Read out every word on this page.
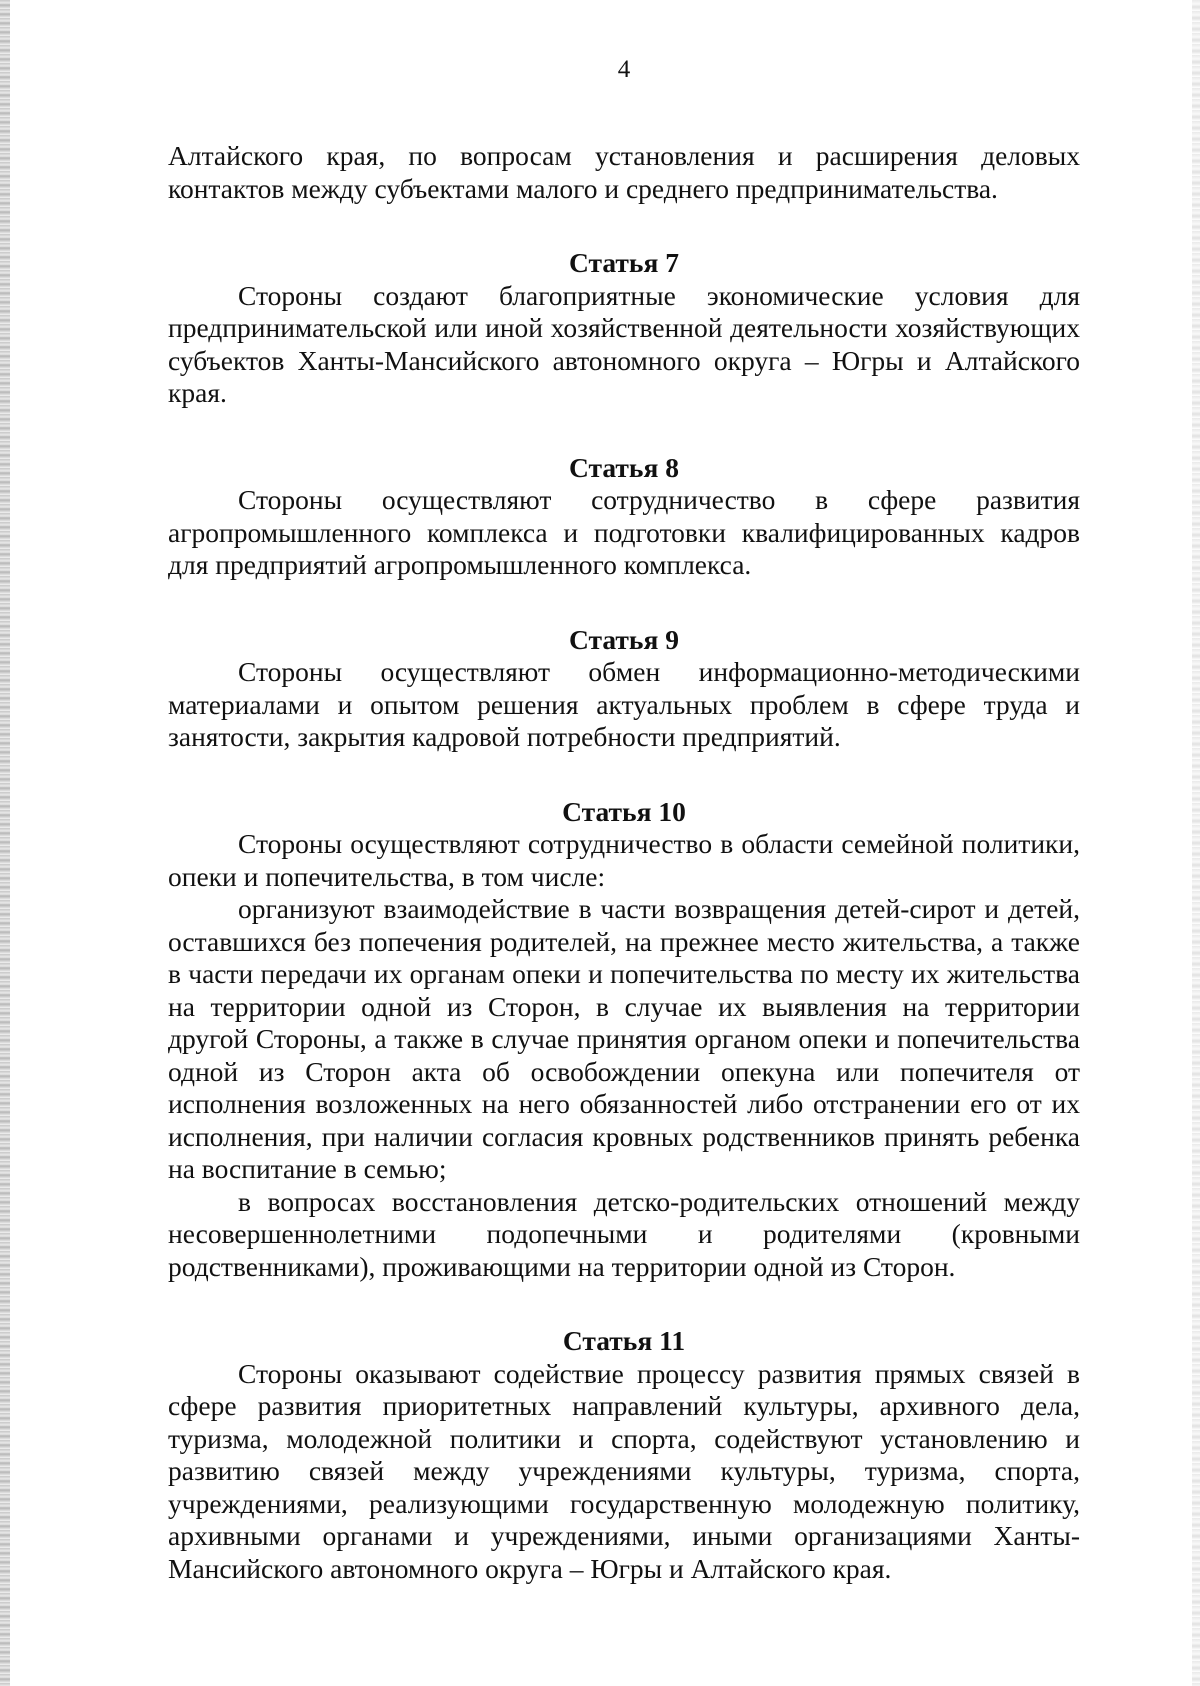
4

Алтайского края, по вопросам установления и расширения деловых контактов между субъектами малого и среднего предпринимательства.

Статья 7

Стороны создают благоприятные экономические условия для предпринимательской или иной хозяйственной деятельности хозяйствующих субъектов Ханты-Мансийского автономного округа – Югры и Алтайского края.

Статья 8

Стороны осуществляют сотрудничество в сфере развития агропромышленного комплекса и подготовки квалифицированных кадров для предприятий агропромышленного комплекса.

Статья 9

Стороны осуществляют обмен информационно-методическими материалами и опытом решения актуальных проблем в сфере труда и занятости, закрытия кадровой потребности предприятий.

Статья 10

Стороны осуществляют сотрудничество в области семейной политики, опеки и попечительства, в том числе:

организуют взаимодействие в части возвращения детей-сирот и детей, оставшихся без попечения родителей, на прежнее место жительства, а также в части передачи их органам опеки и попечительства по месту их жительства на территории одной из Сторон, в случае их выявления на территории другой Стороны, а также в случае принятия органом опеки и попечительства одной из Сторон акта об освобождении опекуна или попечителя от исполнения возложенных на него обязанностей либо отстранении его от их исполнения, при наличии согласия кровных родственников принять ребенка на воспитание в семью;

в вопросах восстановления детско-родительских отношений между несовершеннолетними подопечными и родителями (кровными родственниками), проживающими на территории одной из Сторон.

Статья 11

Стороны оказывают содействие процессу развития прямых связей в сфере развития приоритетных направлений культуры, архивного дела, туризма, молодежной политики и спорта, содействуют установлению и развитию связей между учреждениями культуры, туризма, спорта, учреждениями, реализующими государственную молодежную политику, архивными органами и учреждениями, иными организациями Ханты-Мансийского автономного округа – Югры и Алтайского края.
